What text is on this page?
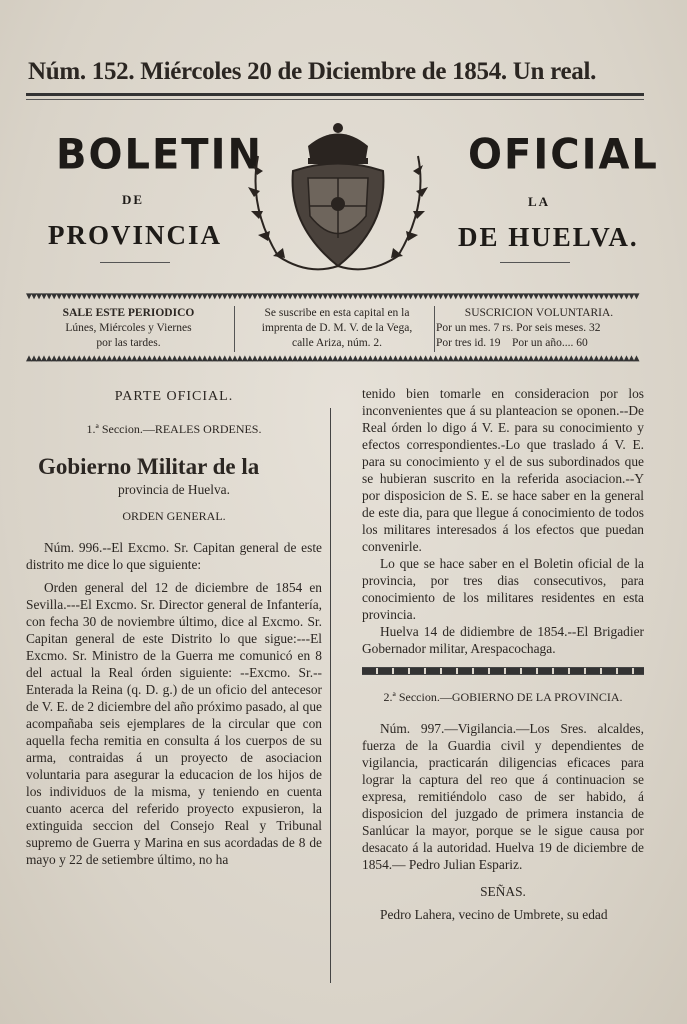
Núm. 152. Miércoles 20 de Diciembre de 1854. Un real.
BOLETIN
DE
PROVINCIA
OFICIAL
LA
DE HUELVA.
▼▼▼▼▼▼▼▼▼▼▼▼▼▼▼▼▼▼▼▼▼▼▼▼▼▼▼▼▼▼▼▼▼▼▼▼▼▼▼▼▼▼▼▼▼▼▼▼▼▼▼▼▼▼▼▼▼▼▼▼▼▼▼▼▼▼▼▼▼▼▼▼▼▼▼▼▼▼▼▼▼▼▼▼▼▼▼▼▼▼▼▼▼▼▼▼▼▼▼▼▼▼▼▼▼▼▼▼▼▼▼▼▼▼▼▼▼▼▼▼▼▼
SALE ESTE PERIODICO
Lúnes, Miércoles y Viernes
por las tardes.
Se suscribe en esta capital en la
imprenta de D. M. V. de la Vega,
calle Ariza, núm. 2.
SUSCRICION VOLUNTARIA.
Por un mes. 7 rs. Por seis meses. 32
Por tres id. 19    Por un año.... 60
▲▲▲▲▲▲▲▲▲▲▲▲▲▲▲▲▲▲▲▲▲▲▲▲▲▲▲▲▲▲▲▲▲▲▲▲▲▲▲▲▲▲▲▲▲▲▲▲▲▲▲▲▲▲▲▲▲▲▲▲▲▲▲▲▲▲▲▲▲▲▲▲▲▲▲▲▲▲▲▲▲▲▲▲▲▲▲▲▲▲▲▲▲▲▲▲▲▲▲▲▲▲▲▲▲▲▲▲▲▲▲▲▲▲▲▲▲▲▲▲▲▲

PARTE OFICIAL.

1.ª Seccion.—REALES ORDENES.

Gobierno Militar de la

provincia de Huelva.

ORDEN GENERAL.

Núm. 996.--El Excmo. Sr. Capitan general de este distrito me dice lo que siguiente:

Orden general del 12 de diciembre de 1854 en Sevilla.---El Excmo. Sr. Director general de Infantería, con fecha 30 de noviembre último, dice al Excmo. Sr. Capitan general de este Distrito lo que sigue:---El Excmo. Sr. Ministro de la Guerra me comunicó en 8 del actual la Real órden siguiente: --Excmo. Sr.--Enterada la Reina (q. D. g.) de un oficio del antecesor de V. E. de 2 diciembre del año próximo pasado, al que acompañaba seis ejemplares de la circular que con aquella fecha remitia en consulta á los cuerpos de su arma, contraidas á un proyecto de asociacion voluntaria para asegurar la educacion de los hijos de los individuos de la misma, y teniendo en cuenta cuanto acerca del referido proyecto expusieron, la extinguida seccion del Consejo Real y Tribunal supremo de Guerra y Marina en sus acordadas de 8 de mayo y 22 de setiembre último, no ha

tenido bien tomarle en consideracion por los inconvenientes que á su planteacion se oponen.--De Real órden lo digo á V. E. para su conocimiento y efectos correspondientes.-Lo que traslado á V. E. para su conocimiento y el de sus subordinados que se hubieran suscrito en la referida asociacion.--Y por disposicion de S. E. se hace saber en la general de este dia, para que llegue á conocimiento de todos los militares interesados á los efectos que puedan convenirle.

Lo que se hace saber en el Boletin oficial de la provincia, por tres dias consecutivos, para conocimiento de los militares residentes en esta provincia.

Huelva 14 de didiembre de 1854.--El Brigadier Gobernador militar, Arespacochaga.

2.ª Seccion.—GOBIERNO DE LA PROVINCIA.

Núm. 997.—Vigilancia.—Los Sres. alcaldes, fuerza de la Guardia civil y dependientes de vigilancia, practicarán diligencias eficaces para lograr la captura del reo que á continuacion se expresa, remitiéndolo caso de ser habido, á disposicion del juzgado de primera instancia de Sanlúcar la mayor, porque se le sigue causa por desacato á la autoridad. Huelva 19 de diciembre de 1854.— Pedro Julian Espariz.

SEÑAS.

Pedro Lahera, vecino de Umbrete, su edad
